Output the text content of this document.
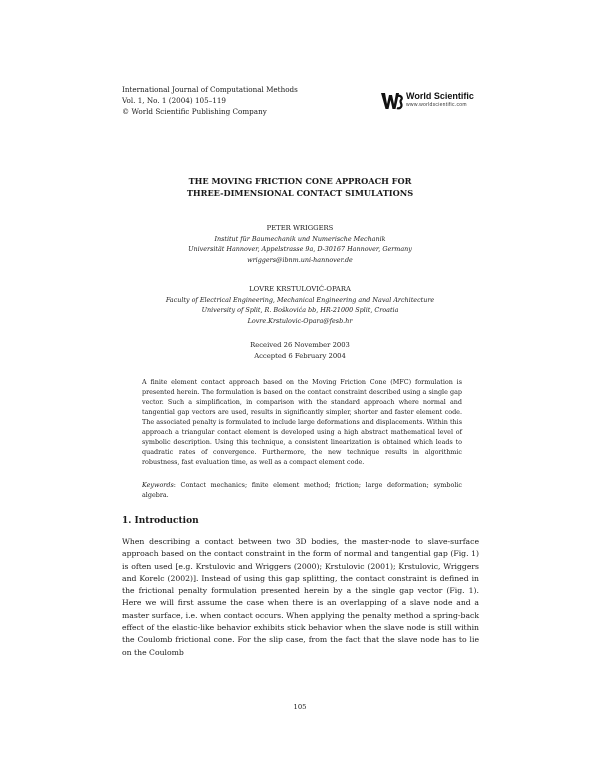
International Journal of Computational Methods
Vol. 1, No. 1 (2004) 105–119
© World Scientific Publishing Company
World Scientific
www.worldscientific.com
THE MOVING FRICTION CONE APPROACH FOR
THREE-DIMENSIONAL CONTACT SIMULATIONS
PETER WRIGGERS
Institut für Baumechanik und Numerische Mechanik
Universität Hannover, Appelstrasse 9a, D-30167 Hannover, Germany
wriggers@ibnm.uni-hannover.de
LOVRE KRSTULOVIĆ-OPARA
Faculty of Electrical Engineering, Mechanical Engineering and Naval Architecture
University of Split, R. Boškovića bb, HR-21000 Split, Croatia
Lovre.Krstulovic-Opara@fesb.hr
Received 26 November 2003
Accepted 6 February 2004

A finite element contact approach based on the Moving Friction Cone (MFC) formulation is presented herein. The formulation is based on the contact constraint described using a single gap vector. Such a simplification, in comparison with the standard approach where normal and tangential gap vectors are used, results in significantly simpler, shorter and faster element code. The associated penalty is formulated to include large deformations and displacements. Within this approach a triangular contact element is developed using a high abstract mathematical level of symbolic description. Using this technique, a consistent linearization is obtained which leads to quadratic rates of convergence. Furthermore, the new technique results in algorithmic robustness, fast evaluation time, as well as a compact element code.

Keywords: Contact mechanics; finite element method; friction; large deformation; symbolic algebra.
1. Introduction
When describing a contact between two 3D bodies, the master-node to slave-surface approach based on the contact constraint in the form of normal and tangential gap (Fig. 1) is often used [e.g. Krstulovic and Wriggers (2000); Krstulovic (2001); Krstulovic, Wriggers and Korelc (2002)]. Instead of using this gap splitting, the contact constraint is defined in the frictional penalty formulation presented herein by a the single gap vector (Fig. 1). Here we will first assume the case when there is an overlapping of a slave node and a master surface, i.e. when contact occurs. When applying the penalty method a spring-back effect of the elastic-like behavior exhibits stick behavior when the slave node is still within the Coulomb frictional cone. For the slip case, from the fact that the slave node has to lie on the Coulomb
105
